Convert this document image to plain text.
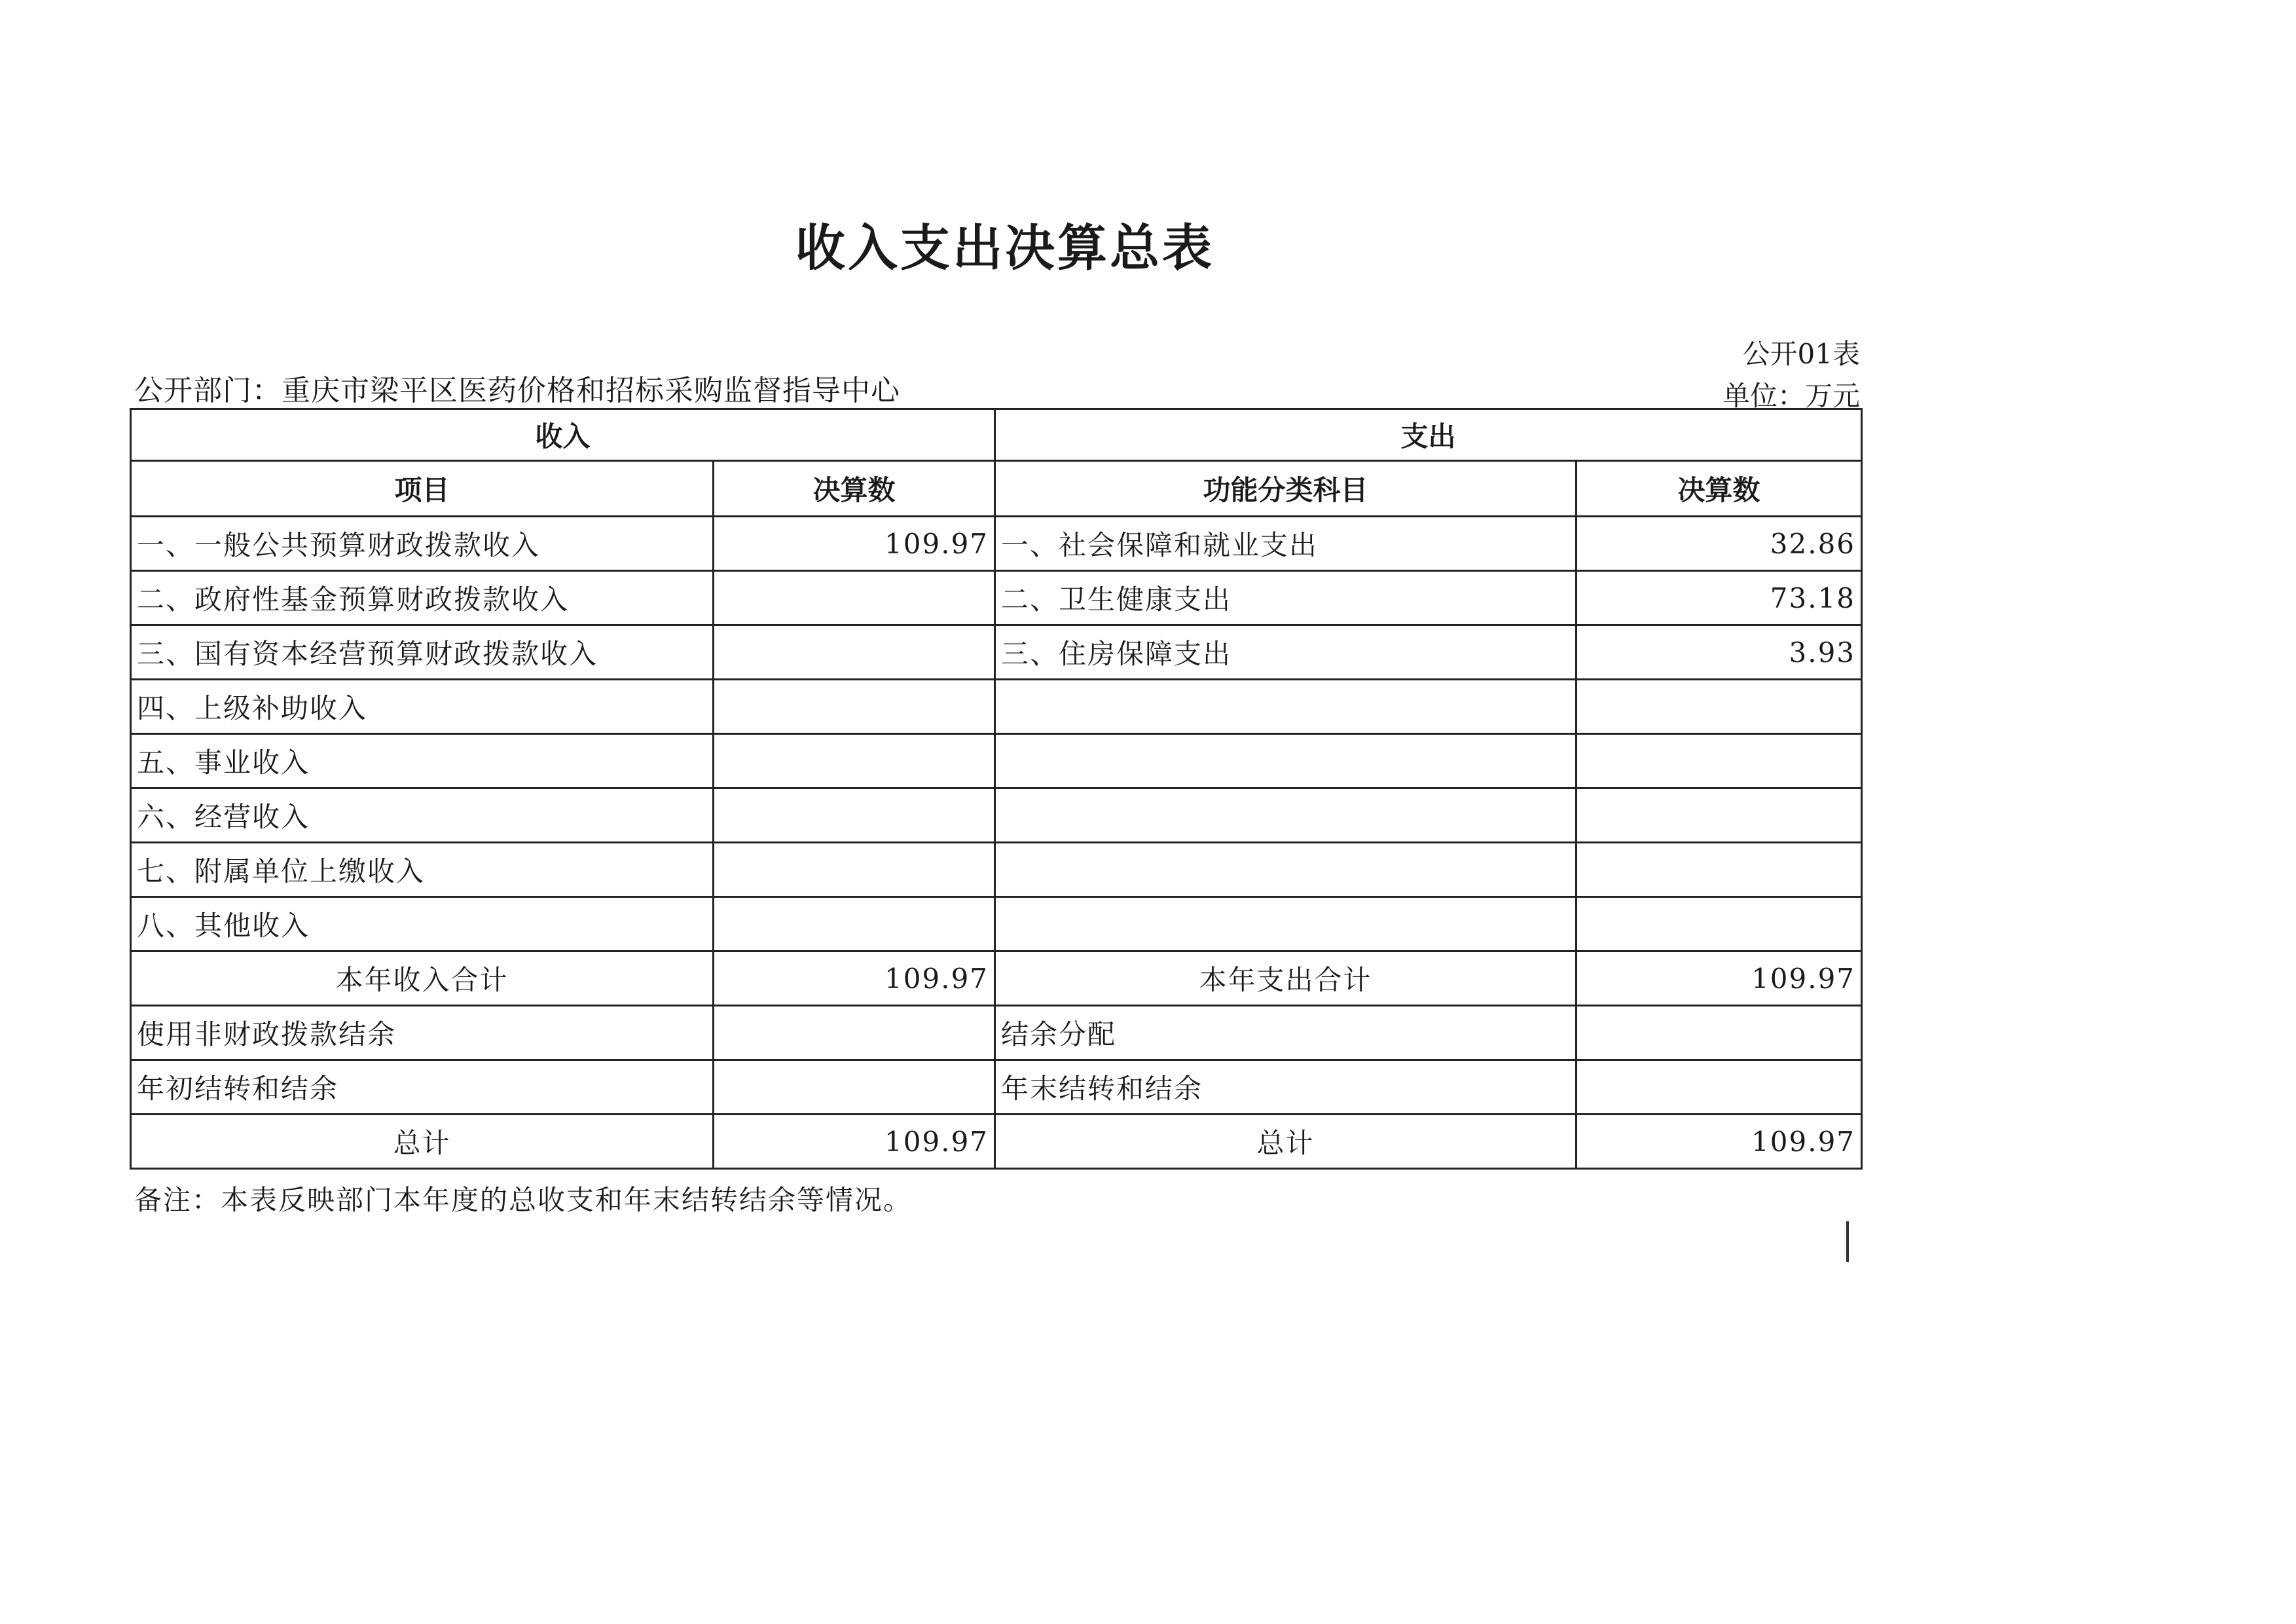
收入支出决算总表
公开01表
单位：万元
公开部门：重庆市梁平区医药价格和招标采购监督指导中心
收入		支出	
项目	决算数	功能分类科目	决算数
一、一般公共预算财政拨款收入	109.97	一、社会保障和就业支出	32.86
二、政府性基金预算财政拨款收入		二、卫生健康支出	73.18
三、国有资本经营预算财政拨款收入		三、住房保障支出	3.93
四、上级补助收入			
五、事业收入			
六、经营收入			
七、附属单位上缴收入			
八、其他收入			
本年收入合计	109.97	本年支出合计	109.97
使用非财政拨款结余		结余分配	
年初结转和结余		年末结转和结余	
总计	109.97	总计	109.97
备注：本表反映部门本年度的总收支和年末结转结余等情况。
